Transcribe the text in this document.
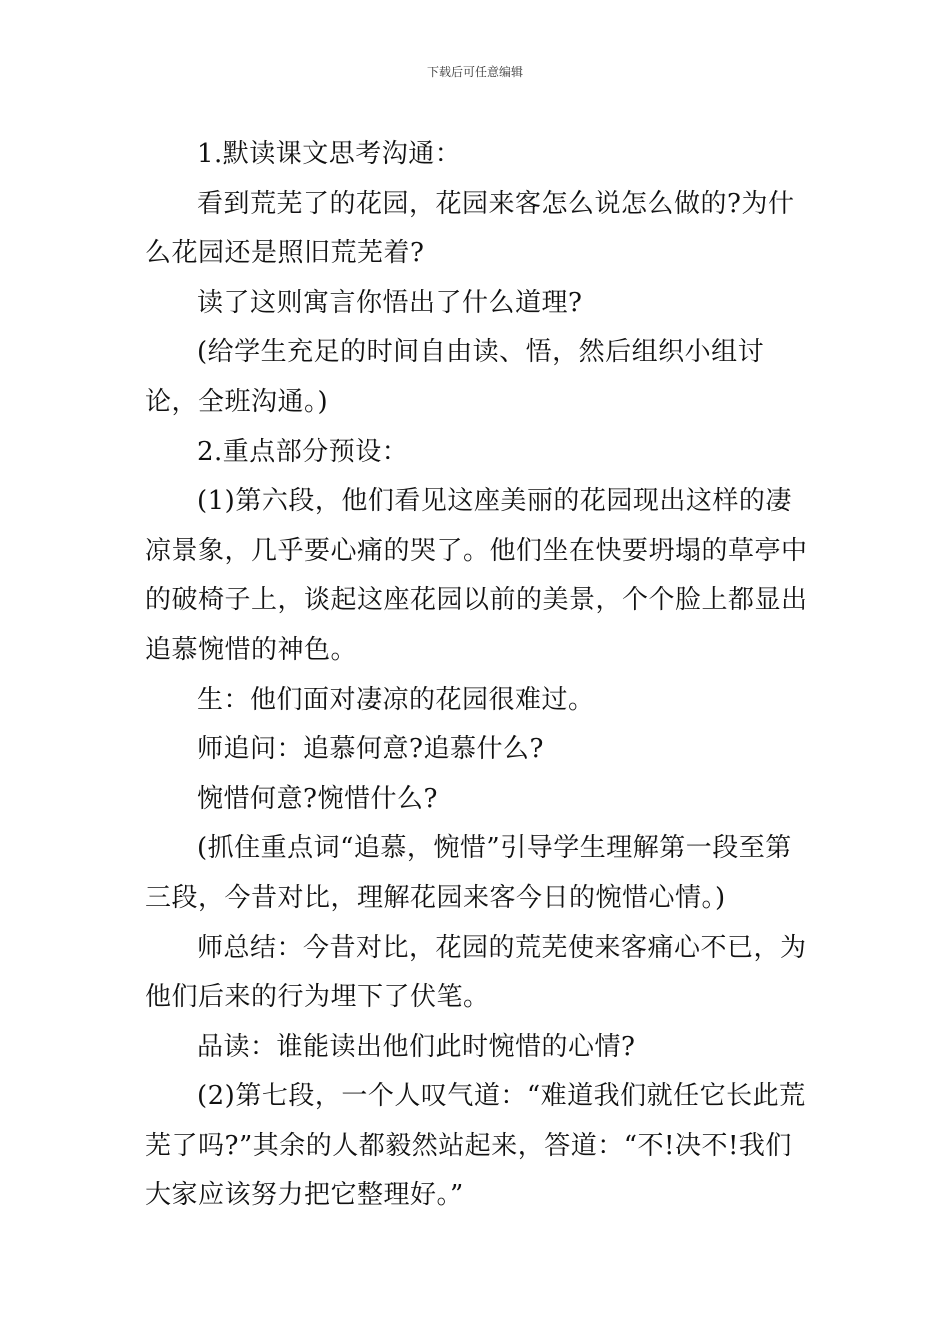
下载后可任意编辑

1.默读课文思考沟通：

看到荒芜了的花园，花园来客怎么说怎么做的?为什么花园还是照旧荒芜着?

读了这则寓言你悟出了什么道理?

(给学生充足的时间自由读、悟，然后组织小组讨论，全班沟通。)

2.重点部分预设：

(1)第六段，他们看见这座美丽的花园现出这样的凄凉景象，几乎要心痛的哭了。他们坐在快要坍塌的草亭中的破椅子上，谈起这座花园以前的美景，个个脸上都显出追慕惋惜的神色。

生：他们面对凄凉的花园很难过。

师追问：追慕何意?追慕什么?

惋惜何意?惋惜什么?

(抓住重点词“追慕，惋惜”引导学生理解第一段至第三段，今昔对比，理解花园来客今日的惋惜心情。)

师总结：今昔对比，花园的荒芜使来客痛心不已，为他们后来的行为埋下了伏笔。

品读：谁能读出他们此时惋惜的心情?

(2)第七段，一个人叹气道：“难道我们就任它长此荒芜了吗?”其余的人都毅然站起来，答道：“不!决不!我们大家应该努力把它整理好。”
